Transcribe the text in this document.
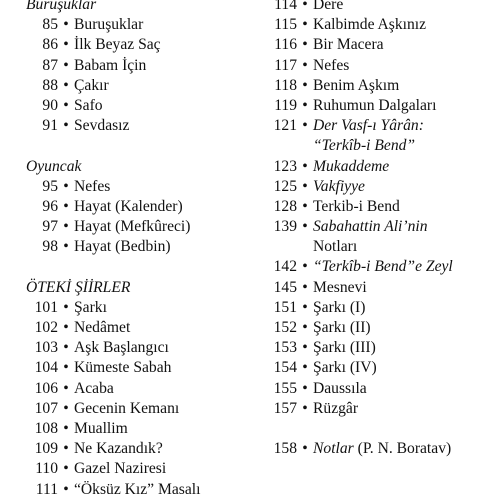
Buruşuklar
85 • Buruşuklar
86 • İlk Beyaz Saç
87 • Babam İçin
88 • Çakır
90 • Safo
91 • Sevdasız
Oyuncak
95 • Nefes
96 • Hayat (Kalender)
97 • Hayat (Mefkûreci)
98 • Hayat (Bedbin)
ÖTEKİ ŞİİRLER
101 • Şarkı
102 • Nedâmet
103 • Aşk Başlangıcı
104 • Kümeste Sabah
106 • Acaba
107 • Gecenin Kemanı
108 • Muallim
109 • Ne Kazandık?
110 • Gazel Naziresi
111 • “Öksüz Kız” Masalı
114 • Dere
115 • Kalbimde Aşkınız
116 • Bir Macera
117 • Nefes
118 • Benim Aşkım
119 • Ruhumun Dalgaları
121 • Der Vasf-ı Yârân:
“Terkîb-i Bend”
123 • Mukaddeme
125 • Vakfiyye
128 • Terkib-i Bend
139 • Sabahattin Ali’nin
Notları
142 • “Terkîb-i Bend”e Zeyl
145 • Mesnevi
151 • Şarkı (I)
152 • Şarkı (II)
153 • Şarkı (III)
154 • Şarkı (IV)
155 • Daussıla
157 • Rüzgâr
158 • Notlar (P. N. Boratav)
